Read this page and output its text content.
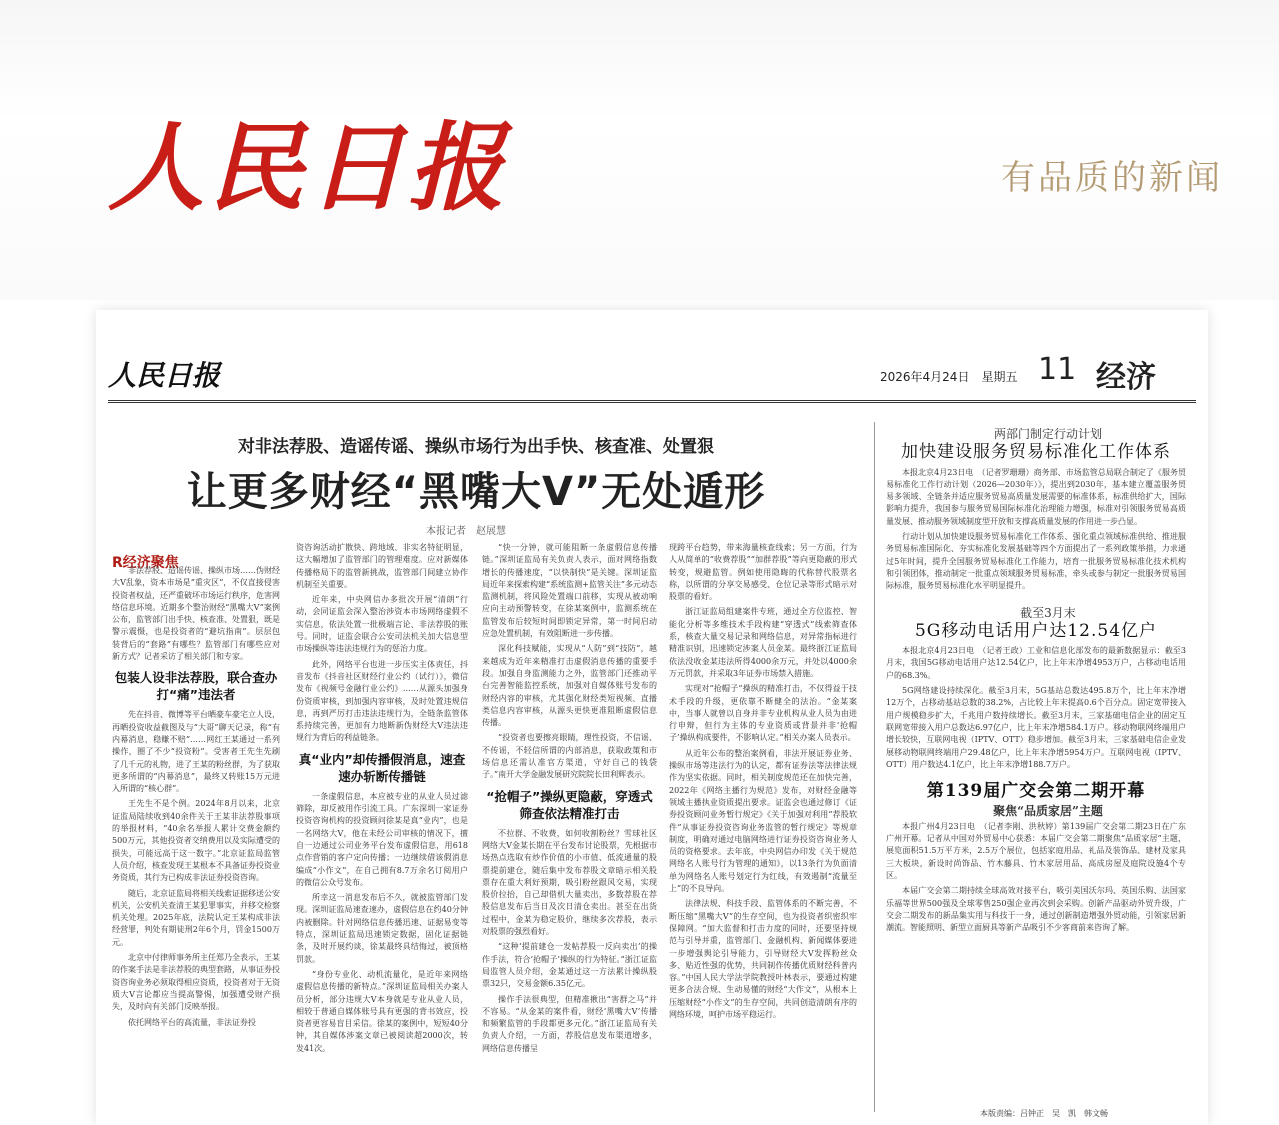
人民日报	有品质的新闻
人民日报	2026年4月24日　星期五 11 经济
对非法荐股、造谣传谣、操纵市场行为出手快、核查准、处置狠
让更多财经“黑嘴大V”无处遁形
本报记者　赵展慧
R经济聚焦

非法荐股、造谣传谣、操纵市场……伪财经大V乱象，资本市场是“重灾区”，不仅直接侵害投资者权益，还严重破坏市场运行秩序，危害网络信息环境。近期多个整治财经“黑嘴大V”案例公布，监管部门出手快、核查准、处置狠，既是警示震慑，也是投资者的“避坑指南”。层层包装背后的“套路”有哪些？监管部门有哪些应对新方式？记者采访了相关部门和专家。

包装人设非法荐股，联合查办打“痛”违法者

先在抖音、微博等平台晒豪车豪宅立人设，再晒投资收益截图及与“大哥”聊天记录，称“有内幕消息，稳赚不赔”……网红王某通过一系列操作，圈了不少“投资粉”。受害者王先生先刷了几千元的礼物，进了王某的粉丝群，为了获取更多所谓的“内幕消息”，最终又转账15万元进入所谓的“核心群”。

王先生不是个例。2024年8月以来，北京证监局陆续收到40余件关于王某非法荐股事项的举报材料，“40余名举报人累计交费金额约500万元，其他投资者交纳费用以及实际遭受的损失，可能远高于这一数字。”北京证监局监管人员介绍，核查发现王某根本不具备证券投资业务资质，其行为已构成非法证券投资咨询。

随后，北京证监局将相关线索证据移送公安机关，公安机关查清王某犯罪事实，并移交检察机关处理。2025年底，法院认定王某构成非法经营罪，判处有期徒刑2年6个月，罚金1500万元。

北京中付律师事务所主任郑乃全表示，王某的作案手法是非法荐股的典型套路，从事证券投资咨询业务必须取得相应资质，投资者对于无资质大V言论都应当提高警惕，加强遭受财产损失，及时向有关部门反映举报。

依托网络平台的高流量，非法证券投

资咨询活动扩散快、跨地域、非实名特征明显，这大幅增加了监管部门的管理难度。应对新媒体传播格局下的监管新挑战，监管部门间建立协作机制至关重要。

近年来，中央网信办多批次开展“清朗”行动，会同证监会深入整治涉资本市场网络虚假不实信息，依法处置一批极端言论、非法荐股的账号。同时，证监会联合公安司法机关加大信息型市场操纵等违法违规行为的惩治力度。

此外，网络平台也进一步压实主体责任，抖音发布《抖音社区财经行业公约（试行）》，微信发布《视频号金融行业公约》……从源头加强身份资质审核，到加强内容审核，及时处置违规信息，再到严厉打击违法违规行为，全链条监管体系持续完善，更加有力地断新伪财经大V违法违规行为背后的利益链条。

真“业内”却传播假消息，速查速办斩断传播链

一条虚假信息，本应被专业的从业人员过滤筛除，却反被用作引流工具。广东深圳一家证券投资咨询机构的投资顾问徐某是真“业内”，也是一名网络大V，他在未经公司审核的情况下，擅自一边通过公司业务平台发布虚假信息，用618点作营销的客户定向传播；一边继续借该假消息编成“小作文”，在自己拥有8.7万余名订阅用户的微信公众号发布。

所幸这一消息发布后不久，就被监管部门发现。深圳证监局速查速办，虚假信息在约40分钟内被删除。针对网络信息传播迅速、证据易变等特点，深圳证监局迅速锁定数据，固化证据链条，及时开展约谈，徐某最终具结悔过，被顶格罚款。

“身份专业化、动机流量化，是近年来网络虚假信息传播的新特点。”深圳证监局相关办案人员分析，部分违规大V本身就是专业从业人员，相较于普通自媒体账号具有更强的背书效应，投资者更容易盲目采信。徐某的案例中，短短40分钟，其自媒体涉案文章已被阅读超2000次，转发41次。

“快一分钟，就可能阻断一条虚假信息传播链。”深圳证监局有关负责人表示，面对网络指数增长的传播速度，“以快制快”是关键。深圳证监局近年来探索构建“系统监测+监管关注”多元动态监测机制，将风险处置端口前移，实现从被动响应向主动预警转变，在徐某案例中，监测系统在监管发布后较短时间即锁定异常，第一时间启动应急处置机制，有效阻断进一步传播。

深化科技赋能，实现从“人防”到“技防”，越来越成为近年来精准打击虚假消息传播的重要手段。加强自身监测能力之外，监管部门还推动平台完善智能监控系统，加强对自媒体账号发布的财经内容的审核，尤其强化财经类短视频、直播类信息内容审核，从源头更快更准阻断虚假信息传播。

“投资者也要擦亮眼睛，理性投资，不信谣、不传谣，不轻信所谓的内部消息，获取政策和市场信息还需认准官方渠道，守好自己的钱袋子。”南开大学金融发展研究院院长田利辉表示。

“抢帽子”操纵更隐蔽，穿透式筛查依法精准打击

不拉群、不收费，如何收割粉丝？雪球社区网络大V金某长期在平台发布讨论股票，先根据市场热点选取有炒作价值的小市值、低流通量的股票提前建仓，随后集中发布荐股文章暗示相关股票存在重大利好预期，吸引粉丝跟风交易，实现股价拉抬，自己却借机大量卖出，多数荐股在荐股信息发布后当日及次日清仓卖出。甚至在出货过程中，金某为稳定股价，继续多次荐股，表示对股票的强烈看好。

“这种‘提前建仓一发帖荐股一反向卖出’的操作手法，符合‘抢帽子’操纵的行为特征。”浙江证监局监管人员介绍，金某通过这一方法累计操纵股票32只，交易金额6.35亿元。

操作手法很典型，但精准揪出“害群之马”并不容易。“从金某的案件看，财经‘黑嘴大V’传播和频繁监管的手段都更多元化。”浙江证监局有关负责人介绍，一方面，荐股信息发布渠道增多，网络信息传播呈

现跨平台趋势，带来海量核查线索；另一方面，行为人从简单的“收费荐股”“加群荐股”等向更隐蔽的形式转变，规避监管。例如使用隐晦的代称替代股票名称，以所谓的分享交易感受、仓位记录等形式暗示对股票的看好。

浙江证监局组建案件专班，通过全方位监控、智能化分析等多维技术手段构建“穿透式”线索筛查体系，核查大量交易记录和网络信息，对异常指标进行精准识别，迅速锁定涉案人员金某。最终浙江证监局依法没收金某违法所得4000余万元，并处以4000余万元罚款，并采取3年证券市场禁入措施。

实现对“抢帽子”操纵的精准打击，不仅得益于技术手段的升级，更依靠不断健全的法治。“金某案中，当事人就曾以自身并非专业机构从业人员为由进行申辩，但行为主体的专业资质或背景并非‘抢帽子’操纵构成要件，不影响认定。”相关办案人员表示。

从近年公布的整治案例看，非法开展证券业务、操纵市场等违法行为的认定，都有证券法等法律法规作为坚实依据。同时，相关制度规范还在加快完善，2022年《网络主播行为规范》发布，对财经金融等领域主播执业资质提出要求。证监会也通过修订《证券投资顾问业务暂行规定》《关于加强对利用“荐股软件”从事证券投资咨询业务监管的暂行规定》等规章制度，明确对通过电脑网络进行证券投资咨询业务人员的资格要求。去年底，中央网信办印发《关于规范网络名人账号行为管理的通知》，以13条行为负面清单为网络名人账号划定行为红线，有效遏制“流量至上”的不良导向。

法律法规、科技手段、监管体系的不断完善，不断压缩“黑嘴大V”的生存空间，也为投资者织密织牢保障网。“加大监督和打击力度的同时，还要坚持规范与引导并重，监管部门、金融机构、新闻媒体要进一步增强舆论引导能力，引导财经大V发挥粉丝众多、贴近性强的优势，共同制作传播优质财经科普内容。”中国人民大学法学院教授叶林表示，要通过构建更多合法合规、生动易懂的财经“大作文”，从根本上压缩财经“小作文”的生存空间，共同创造清朗有序的网络环境，呵护市场平稳运行。

两部门制定行动计划

加快建设服务贸易标准化工作体系

本报北京4月23日电　（记者罗珊珊）商务部、市场监管总局联合制定了《服务贸易标准化工作行动计划（2026—2030年）》，提出到2030年，基本建立覆盖服务贸易多领域、全链条并适应服务贸易高质量发展需要的标准体系，标准供给扩大，国际影响力提升，我国参与服务贸易国际标准化治理能力增强，标准对引领服务贸易高质量发展、推动服务领域制度型开放和支撑高质量发展的作用进一步凸显。

行动计划从加快建设服务贸易标准化工作体系、强化重点领域标准供给、推进服务贸易标准国际化、夯实标准化发展基础等四个方面提出了一系列政策举措，力求通过5年时间，提升全国服务贸易标准化工作能力，培育一批服务贸易标准化技术机构和引领团体，推动制定一批重点领域服务贸易标准，牵头或参与制定一批服务贸易国际标准，服务贸易标准化水平明显提升。

截至3月末

5G移动电话用户达12.54亿户

本报北京4月23日电　（记者王政）工业和信息化部发布的最新数据显示：截至3月末，我国5G移动电话用户达12.54亿户，比上年末净增4953万户，占移动电话用户的68.3%。

5G网络建设持续深化。截至3月末，5G基站总数达495.8万个，比上年末净增12万个，占移动基站总数的38.2%，占比较上年末提高0.6个百分点。固定宽带接入用户规模稳步扩大，千兆用户数持续增长。截至3月末，三家基础电信企业的固定互联网宽带接入用户总数达6.97亿户，比上年末净增584.1万户。移动物联网终端用户增长较快，互联网电视（IPTV、OTT）稳步增加。截至3月末，三家基础电信企业发展移动物联网终端用户29.48亿户，比上年末净增5954万户。互联网电视（IPTV、OTT）用户数达4.1亿户，比上年末净增188.7万户。

第139届广交会第二期开幕

聚焦“品质家居”主题

本报广州4月23日电　（记者李刚、洪秋婷）第139届广交会第二期23日在广东广州开幕。记者从中国对外贸易中心获悉：本届广交会第二期聚焦“品质家居”主题，展览面积51.5万平方米，2.5万个展位，包括家庭用品、礼品及装饰品、建材及家具三大板块，新设时尚饰品、竹木藤具、竹木家居用品、高成房屋及庭院设施4个专区。

本届广交会第二期持续全球高效对接平台，吸引美国沃尔玛、英国乐购、法国家乐福等世界500强及全球零售250强企业再次到会采购。创新产品驱动外贸升级，广交会二期发布的新品集实用与科技于一身，通过创新制造增强外贸动能，引领家居新潮流。智能照明、新型立面厨具等新产品吸引不少客商前来咨询了解。

本版责编：吕钟正　吴　凯　韩文畅
